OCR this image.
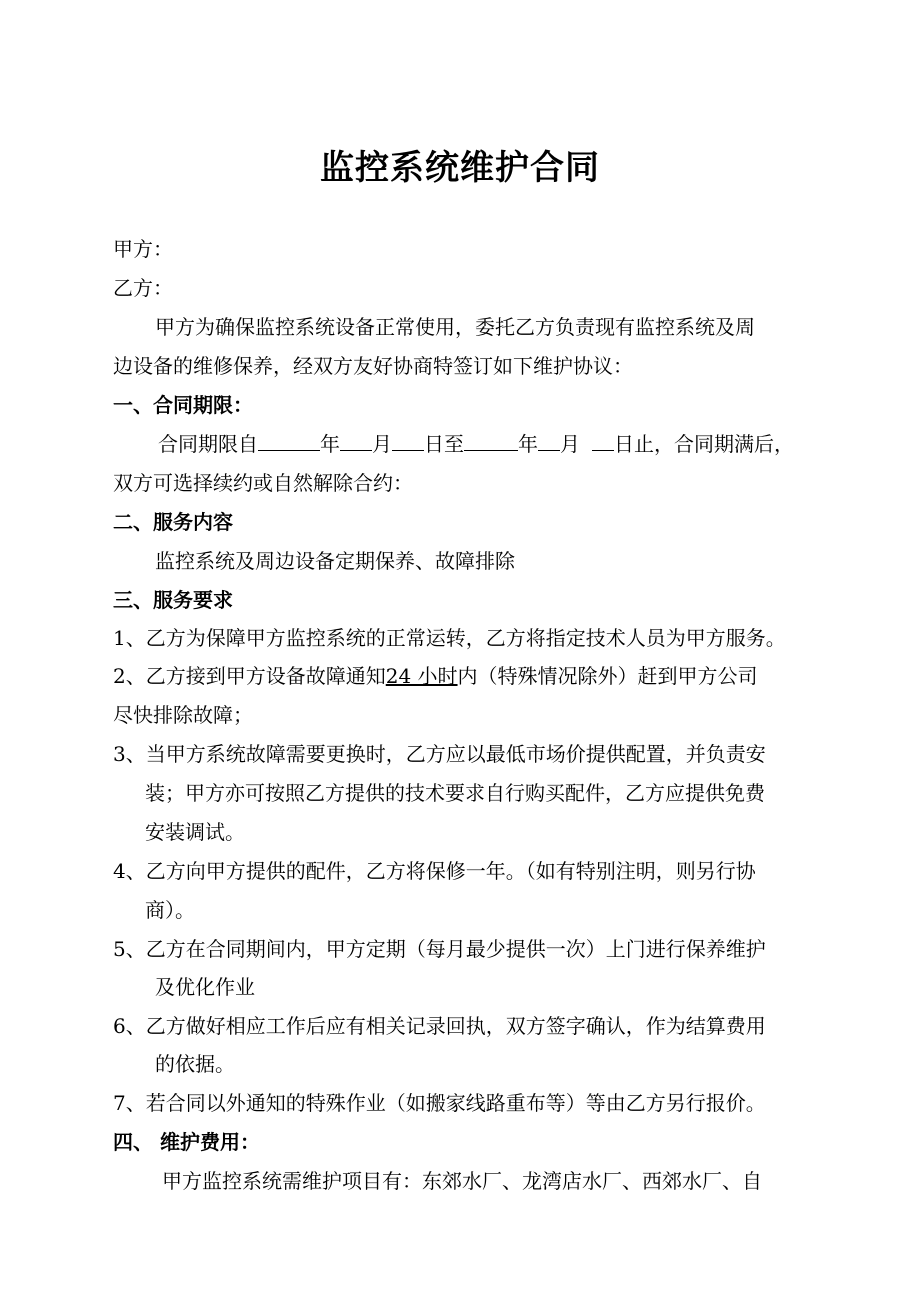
监控系统维护合同
甲方：
乙方：
甲方为确保监控系统设备正常使用，委托乙方负责现有监控系统及周
边设备的维修保养，经双方友好协商特签订如下维护协议：
一、合同期限：
合同期限自	年 月 日至	年 月 日止，合同期满后，
双方可选择续约或自然解除合约：
二、服务内容
监控系统及周边设备定期保养、故障排除
三、服务要求
1、乙方为保障甲方监控系统的正常运转，乙方将指定技术人员为甲方服务。
2、乙方接到甲方设备故障通知24 小时内（特殊情况除外）赶到甲方公司
尽快排除故障；
3、当甲方系统故障需要更换时，乙方应以最低市场价提供配置，并负责安
装；甲方亦可按照乙方提供的技术要求自行购买配件，乙方应提供免费
安装调试。
4、乙方向甲方提供的配件，乙方将保修一年。（如有特别注明，则另行协
商）。
5、乙方在合同期间内，甲方定期（每月最少提供一次）上门进行保养维护
及优化作业
6、乙方做好相应工作后应有相关记录回执，双方签字确认，作为结算费用
的依据。
7、若合同以外通知的特殊作业（如搬家线路重布等）等由乙方另行报价。
四、 维护费用：
甲方监控系统需维护项目有：东郊水厂、龙湾店水厂、西郊水厂、自
